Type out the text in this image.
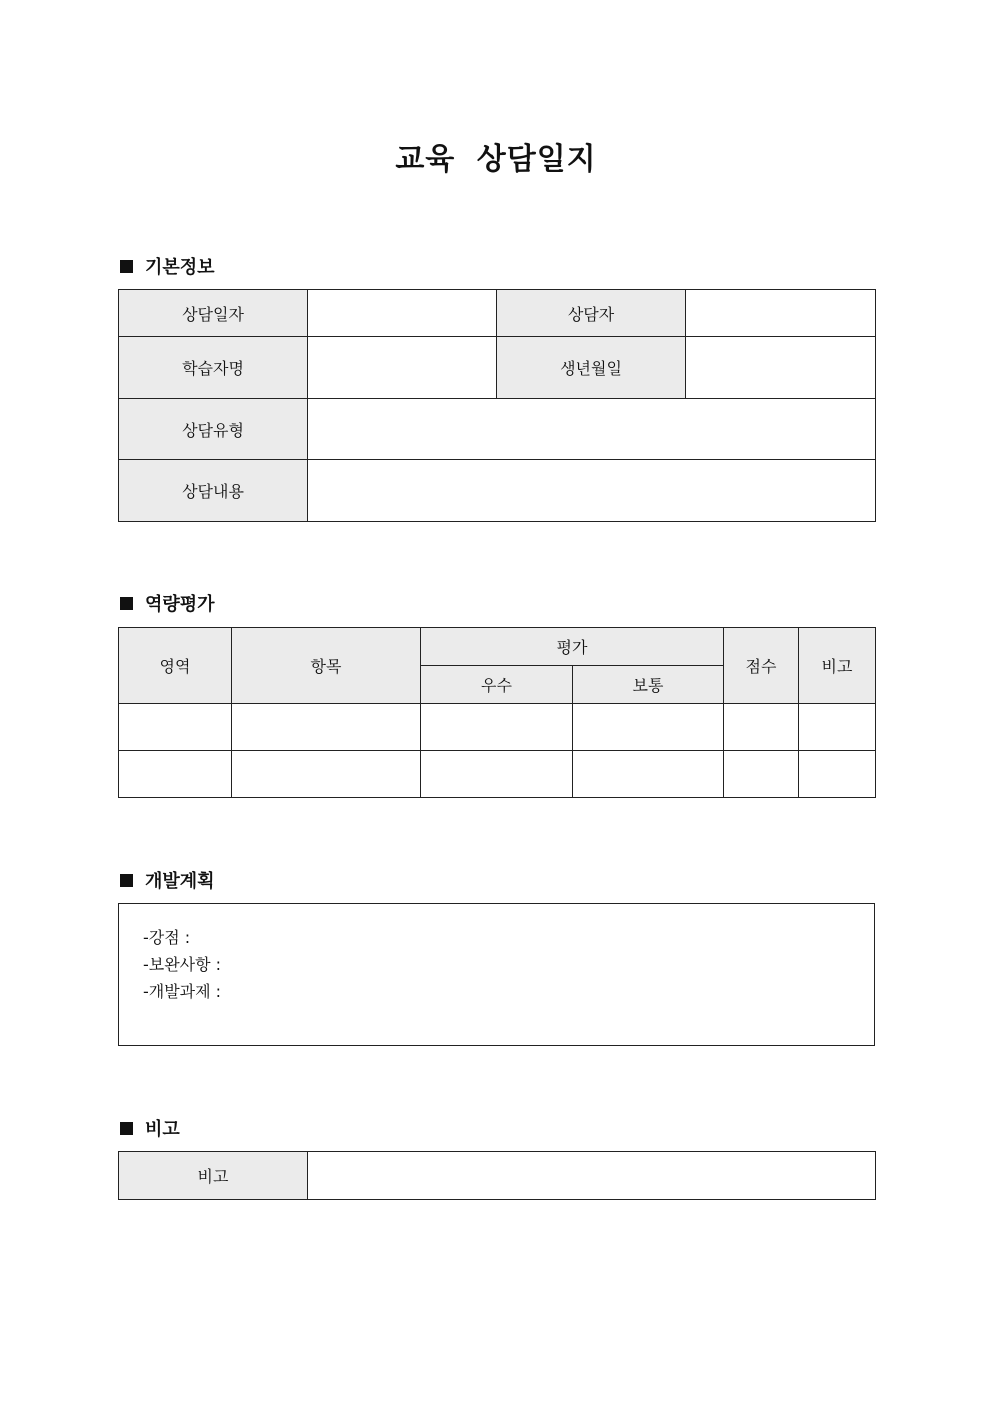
교육 상담일지
기본정보
상담일자		상담자	
학습자명		생년월일	
상담유형			
상담내용			
역량평가
영역	항목	평가		점수	비고
		우수	보통		

개발계획
-강점 :
-보완사항 :
-개발과제 :
비고
비고	
